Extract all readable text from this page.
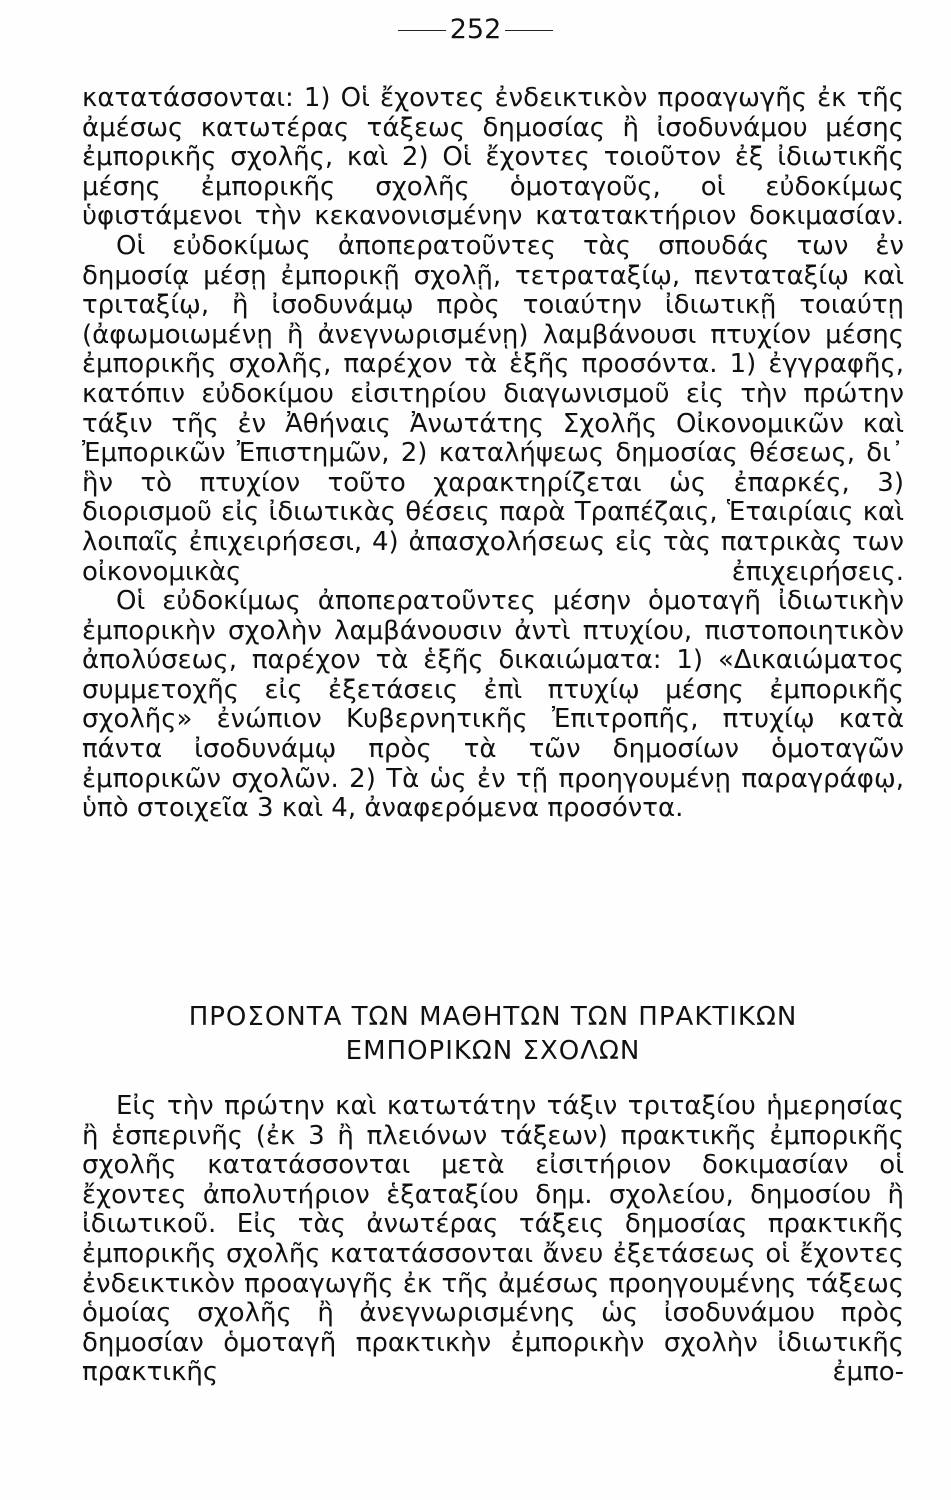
252

κατατάσσονται: 1) Οἱ ἔχοντες ἐνδεικτικὸν προαγωγῆς ἐκ τῆς ἀμέσως κατωτέρας τάξεως δημοσίας ἢ ἰσοδυνάμου μέσης ἐμπορικῆς σχολῆς, καὶ 2) Οἱ ἔχοντες τοιοῦτον ἐξ ἰδιωτικῆς μέσης ἐμπορικῆς σχολῆς ὁμοταγοῦς, οἱ εὐδοκίμως ὑφιστάμενοι τὴν κεκανονισμένην κατατακτήριον δοκιμασίαν.

Οἱ εὐδοκίμως ἀποπερατοῦντες τὰς σπουδάς των ἐν δημοσίᾳ μέσῃ ἐμπορικῇ σχολῇ, τετραταξίῳ, πενταταξίῳ καὶ τριταξίῳ, ἢ ἰσοδυνάμῳ πρὸς τοιαύτην ἰδιωτικῇ τοιαύτῃ (ἀφωμοιωμένῃ ἢ ἀνεγνωρισμένῃ) λαμβάνουσι πτυχίον μέσης ἐμπορικῆς σχολῆς, παρέχον τὰ ἑξῆς προσόντα. 1) ἐγγραφῆς, κατόπιν εὐδοκίμου εἰσιτηρίου διαγωνισμοῦ εἰς τὴν πρώτην τάξιν τῆς ἐν Ἀθήναις Ἀνωτάτης Σχολῆς Οἰκονομικῶν καὶ Ἐμπορικῶν Ἐπιστημῶν, 2) καταλήψεως δημοσίας θέσεως, δι᾽ ἣν τὸ πτυχίον τοῦτο χαρακτηρίζεται ὡς ἐπαρκές, 3) διορισμοῦ εἰς ἰδιωτικὰς θέσεις παρὰ Τραπέζαις, Ἑταιρίαις καὶ λοιπαῖς ἐπιχειρήσεσι, 4) ἀπασχολήσεως εἰς τὰς πατρικὰς των οἰκονομικὰς ἐπιχειρήσεις.

Οἱ εὐδοκίμως ἀποπερατοῦντες μέσην ὁμοταγῆ ἰδιωτικὴν ἐμπορικὴν σχολὴν λαμβάνουσιν ἀντὶ πτυχίου, πιστοποιητικὸν ἀπολύσεως, παρέχον τὰ ἑξῆς δικαιώματα: 1) «Δικαιώματος συμμετοχῆς εἰς ἐξετάσεις ἐπὶ πτυχίῳ μέσης ἐμπορικῆς σχολῆς» ἐνώπιον Κυβερνητικῆς Ἐπιτροπῆς, πτυχίῳ κατὰ πάντα ἰσοδυνάμῳ πρὸς τὰ τῶν δημοσίων ὁμοταγῶν ἐμπορικῶν σχολῶν. 2) Τὰ ὡς ἐν τῇ προηγουμένῃ παραγράφῳ, ὑπὸ στοιχεῖα 3 καὶ 4, ἀναφερόμενα προσόντα.

ΠΡΟΣΟΝΤΑ ΤΩΝ ΜΑΘΗΤΩΝ ΤΩΝ ΠΡΑΚΤΙΚΩΝ
ΕΜΠΟΡΙΚΩΝ ΣΧΟΛΩΝ

Εἰς τὴν πρώτην καὶ κατωτάτην τάξιν τριταξίου ἡμερησίας ἢ ἑσπερινῆς (ἐκ 3 ἢ πλειόνων τάξεων) πρακτικῆς ἐμπορικῆς σχολῆς κατατάσσονται μετὰ εἰσιτήριον δοκιμασίαν οἱ ἔχοντες ἀπολυτήριον ἑξαταξίου δημ. σχολείου, δημοσίου ἢ ἰδιωτικοῦ. Εἰς τὰς ἀνωτέρας τάξεις δημοσίας πρακτικῆς ἐμπορικῆς σχολῆς κατατάσσονται ἄνευ ἐξετάσεως οἱ ἔχοντες ἐνδεικτικὸν προαγωγῆς ἐκ τῆς ἀμέσως προηγουμένης τάξεως ὁμοίας σχολῆς ἢ ἀνεγνωρισμένης ὡς ἰσοδυνάμου πρὸς δημοσίαν ὁμοταγῆ πρακτικὴν ἐμπορικὴν σχολὴν ἰδιωτικῆς πρακτικῆς ἐμπο-
